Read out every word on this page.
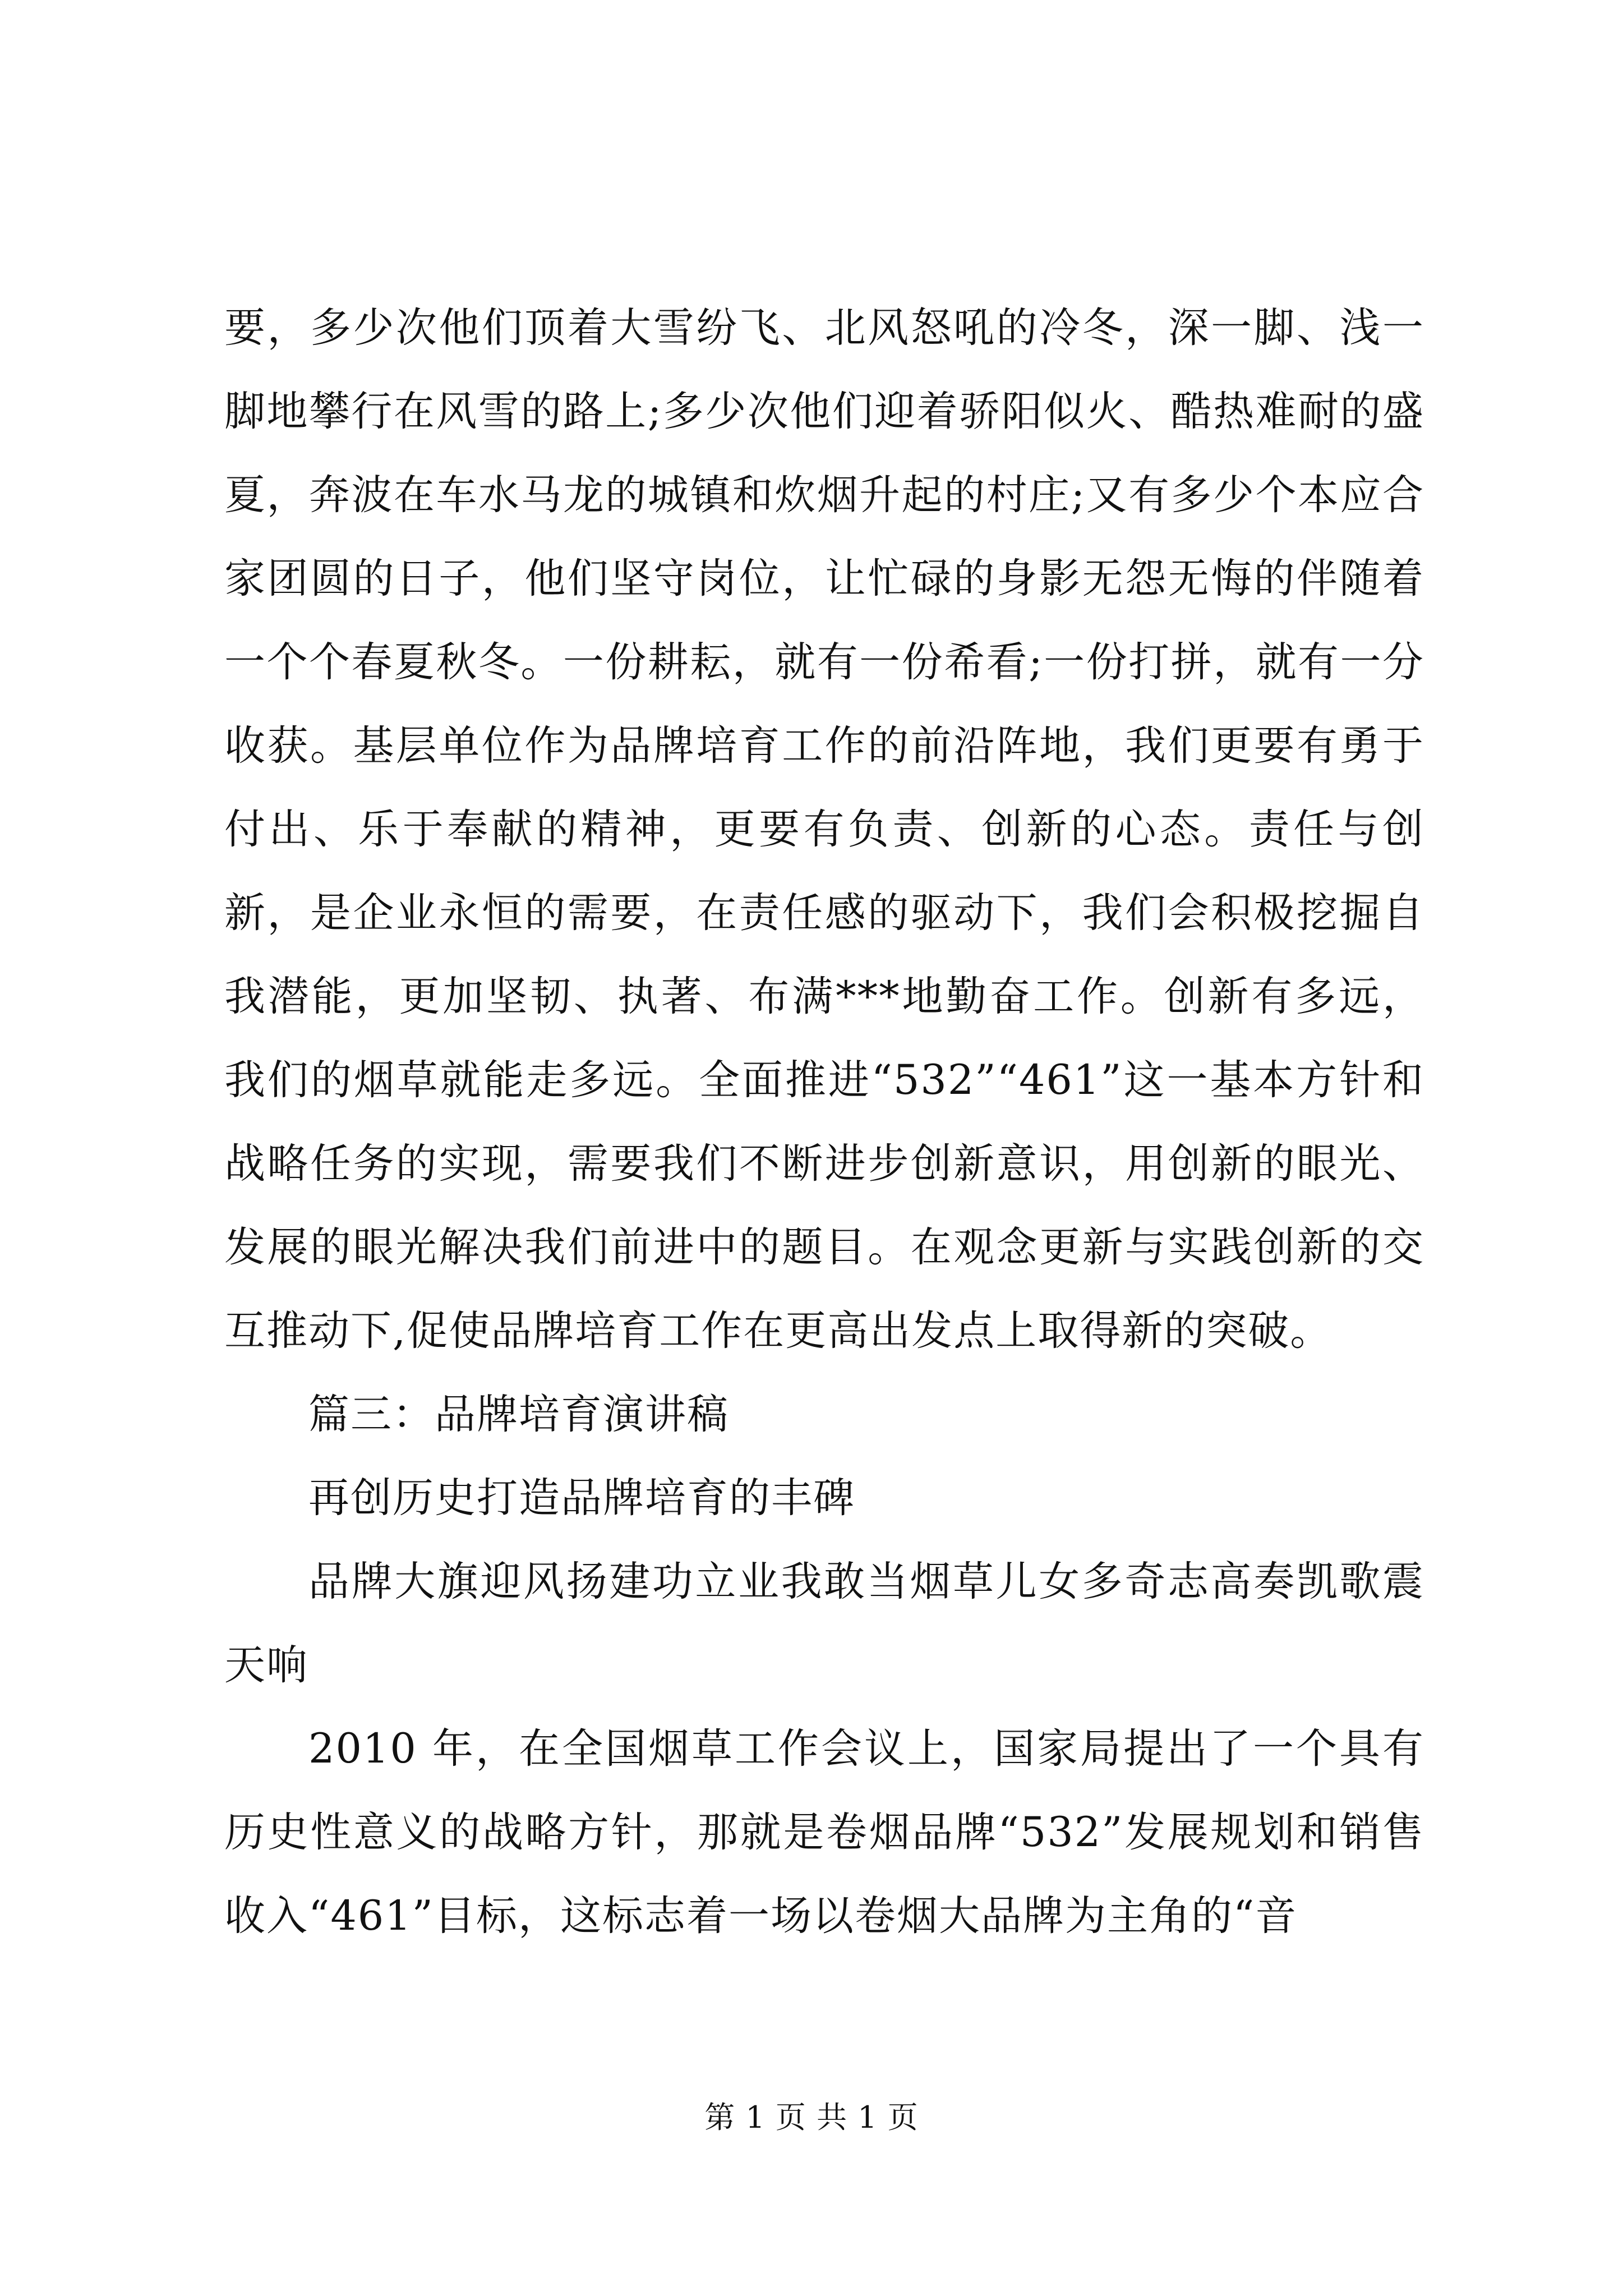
要，多少次他们顶着大雪纷飞、北风怒吼的冷冬，深一脚、浅一脚地攀行在风雪的路上;多少次他们迎着骄阳似火、酷热难耐的盛夏，奔波在车水马龙的城镇和炊烟升起的村庄;又有多少个本应合家团圆的日子，他们坚守岗位，让忙碌的身影无怨无悔的伴随着一个个春夏秋冬。一份耕耘，就有一份希看;一份打拼，就有一分收获。基层单位作为品牌培育工作的前沿阵地，我们更要有勇于付出、乐于奉献的精神，更要有负责、创新的心态。责任与创新，是企业永恒的需要，在责任感的驱动下，我们会积极挖掘自我潜能，更加坚韧、执著、布满***地勤奋工作。创新有多远，我们的烟草就能走多远。全面推进“532”“461”这一基本方针和战略任务的实现，需要我们不断进步创新意识，用创新的眼光、发展的眼光解决我们前进中的题目。在观念更新与实践创新的交互推动下,促使品牌培育工作在更高出发点上取得新的突破。

篇三：品牌培育演讲稿

再创历史打造品牌培育的丰碑

品牌大旗迎风扬建功立业我敢当烟草儿女多奇志高奏凯歌震天响

2010 年，在全国烟草工作会议上，国家局提出了一个具有历史性意义的战略方针，那就是卷烟品牌“532”发展规划和销售收入“461”目标，这标志着一场以卷烟大品牌为主角的“音

第 1 页 共 1 页
